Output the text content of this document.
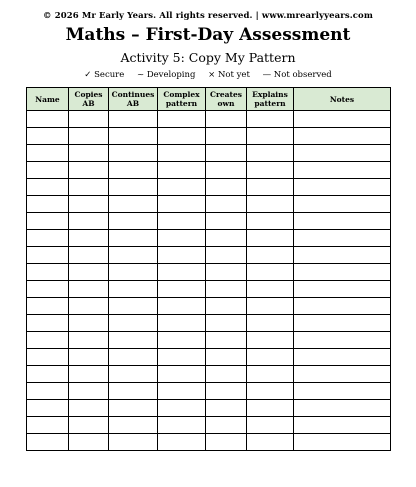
© 2026 Mr Early Years. All rights reserved. | www.mrearlyyears.com
Maths – First-Day Assessment
Activity 5: Copy My Pattern
✓ Secure ~ Developing × Not yet — Not observed
Name	Copies AB	Continues AB	Complex pattern	Creates own	Explains pattern	Notes
